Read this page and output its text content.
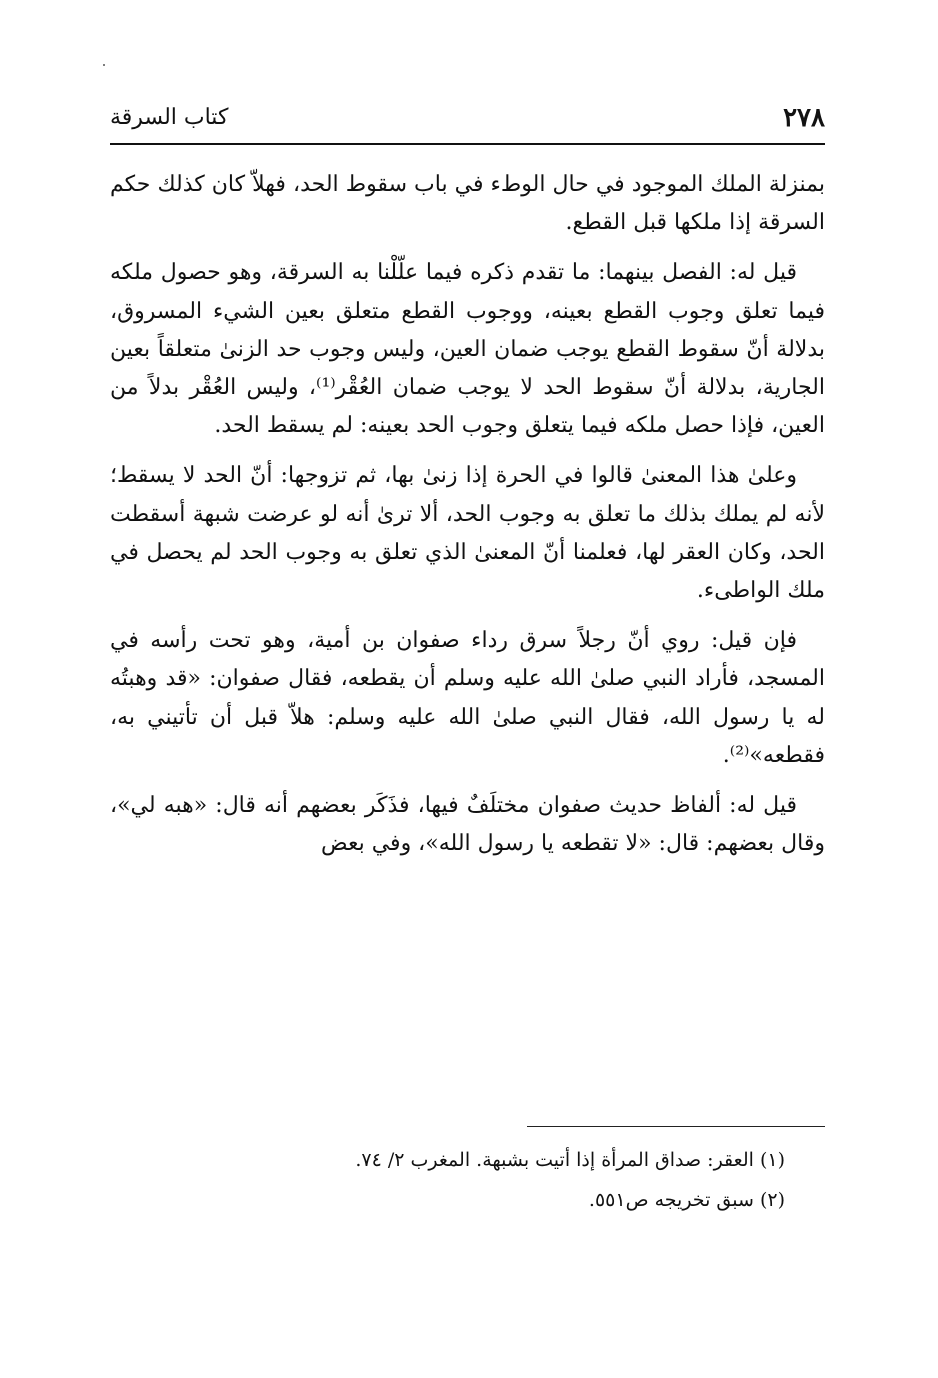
٢٧٨
كتاب السرقة

بمنزلة الملك الموجود في حال الوطء في باب سقوط الحد، فهلاّ كان كذلك حكم السرقة إذا ملكها قبل القطع.

قيل له: الفصل بينهما: ما تقدم ذكره فيما علّلْنا به السرقة، وهو حصول ملكه فيما تعلق وجوب القطع بعينه، ووجوب القطع متعلق بعين الشيء المسروق، بدلالة أنّ سقوط القطع يوجب ضمان العين، وليس وجوب حد الزنىٰ متعلقاً بعين الجارية، بدلالة أنّ سقوط الحد لا يوجب ضمان العُقْر⁽¹⁾، وليس العُقْر بدلاً من العين، فإذا حصل ملكه فيما يتعلق وجوب الحد بعينه: لم يسقط الحد.

وعلىٰ هذا المعنىٰ قالوا في الحرة إذا زنىٰ بها، ثم تزوجها: أنّ الحد لا يسقط؛ لأنه لم يملك بذلك ما تعلق به وجوب الحد، ألا ترىٰ أنه لو عرضت شبهة أسقطت الحد، وكان العقر لها، فعلمنا أنّ المعنىٰ الذي تعلق به وجوب الحد لم يحصل في ملك الواطىء.

فإن قيل: روي أنّ رجلاً سرق رداء صفوان بن أمية، وهو تحت رأسه في المسجد، فأراد النبي صلىٰ الله عليه وسلم أن يقطعه، فقال صفوان: «قد وهبتُه له يا رسول الله، فقال النبي صلىٰ الله عليه وسلم: هلاّ قبل أن تأتيني به، فقطعه»⁽²⁾.

قيل له: ألفاظ حديث صفوان مختلَفٌ فيها، فذَكَر بعضهم أنه قال: «هبه لي»، وقال بعضهم: قال: «لا تقطعه يا رسول الله»، وفي بعض

(١) العقر: صداق المرأة إذا أتيت بشبهة. المغرب ٢/ ٧٤.
(٢) سبق تخريجه ص٥٥١.
